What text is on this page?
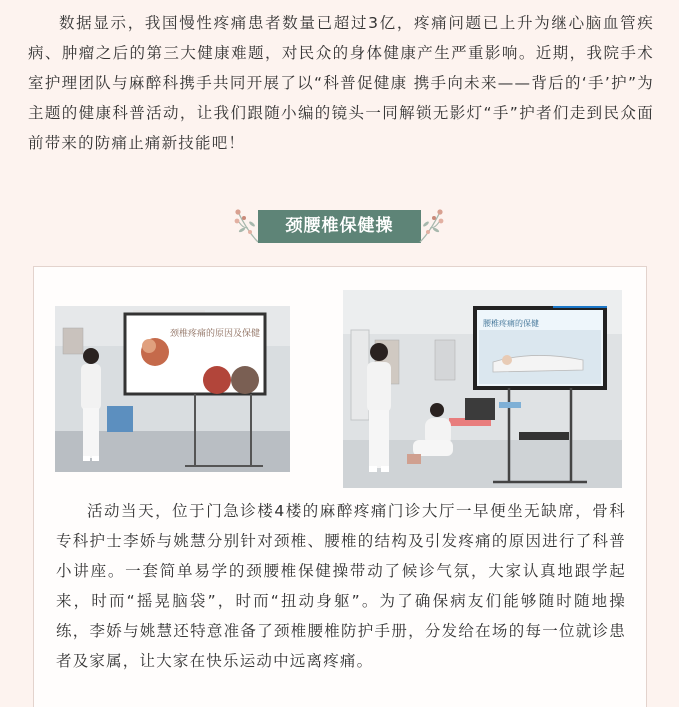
数据显示，我国慢性疼痛患者数量已超过3亿，疼痛问题已上升为继心脑血管疾病、肿瘤之后的第三大健康难题，对民众的身体健康产生严重影响。近期，我院手术室护理团队与麻醉科携手共同开展了以“科普促健康 携手向未来——背后的‘手’护”为主题的健康科普活动，让我们跟随小编的镜头一同解锁无影灯“手”护者们走到民众面前带来的防痛止痛新技能吧！

颈腰椎保健操
颈椎疼痛的原因及保健
腰椎疼痛的保健

活动当天，位于门急诊楼4楼的麻醉疼痛门诊大厅一早便坐无缺席，骨科专科护士李娇与姚慧分别针对颈椎、腰椎的结构及引发疼痛的原因进行了科普小讲座。一套简单易学的颈腰椎保健操带动了候诊气氛，大家认真地跟学起来，时而“摇晃脑袋”，时而“扭动身躯”。为了确保病友们能够随时随地操练，李娇与姚慧还特意准备了颈椎腰椎防护手册，分发给在场的每一位就诊患者及家属，让大家在快乐运动中远离疼痛。
